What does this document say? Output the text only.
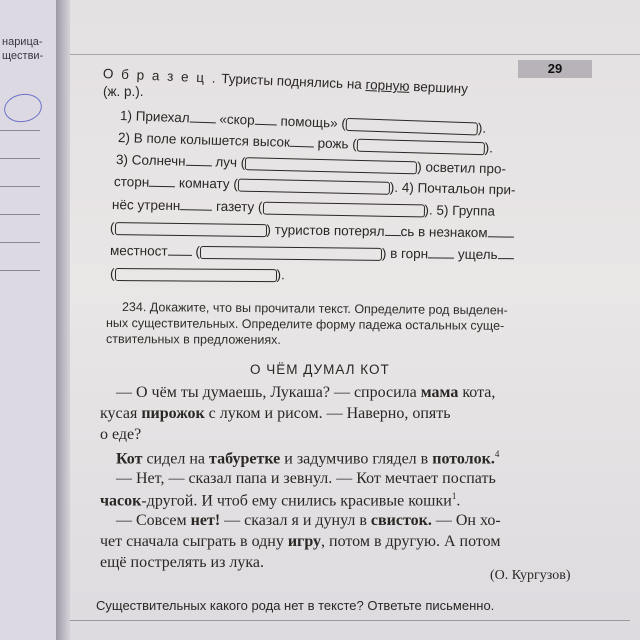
нарица-
ществи-
29
О б р а з е ц . Туристы поднялись на горную вершину
(ж. р.).
1) Приехал «скор помощь» (	).
2) В поле колышется высок рожь (	).
3) Солнечн луч (	) осветил про-
сторн комнату (	). 4) Почтальон при-
нёс утренн	газету (	). 5) Группа
(	) туристов потерял сь в незнаком
местност (	) в горн ущель
(	).
234. Докажите, что вы прочитали текст. Определите род выделен-
ных существительных. Определите форму падежа остальных суще-
ствительных в предложениях.
О ЧЁМ ДУМАЛ КОТ
— О чём ты думаешь, Лукаша? — спросила мама кота,
кусая пирожок с луком и рисом. — Наверно, опять
о еде?
Кот сидел на табуретке и задумчиво глядел в потолок.$^4$
— Нет, — сказал папа и зевнул. — Кот мечтает поспать
часок-другой. И чтоб ему снились красивые кошки$^1$.
— Совсем нет! — сказал я и дунул в свисток. — Он хо-
чет сначала сыграть в одну игру, потом в другую. А потом
ещё пострелять из лука.
(О. Кургузов)
Существительных какого рода нет в тексте? Ответьте письменно.
